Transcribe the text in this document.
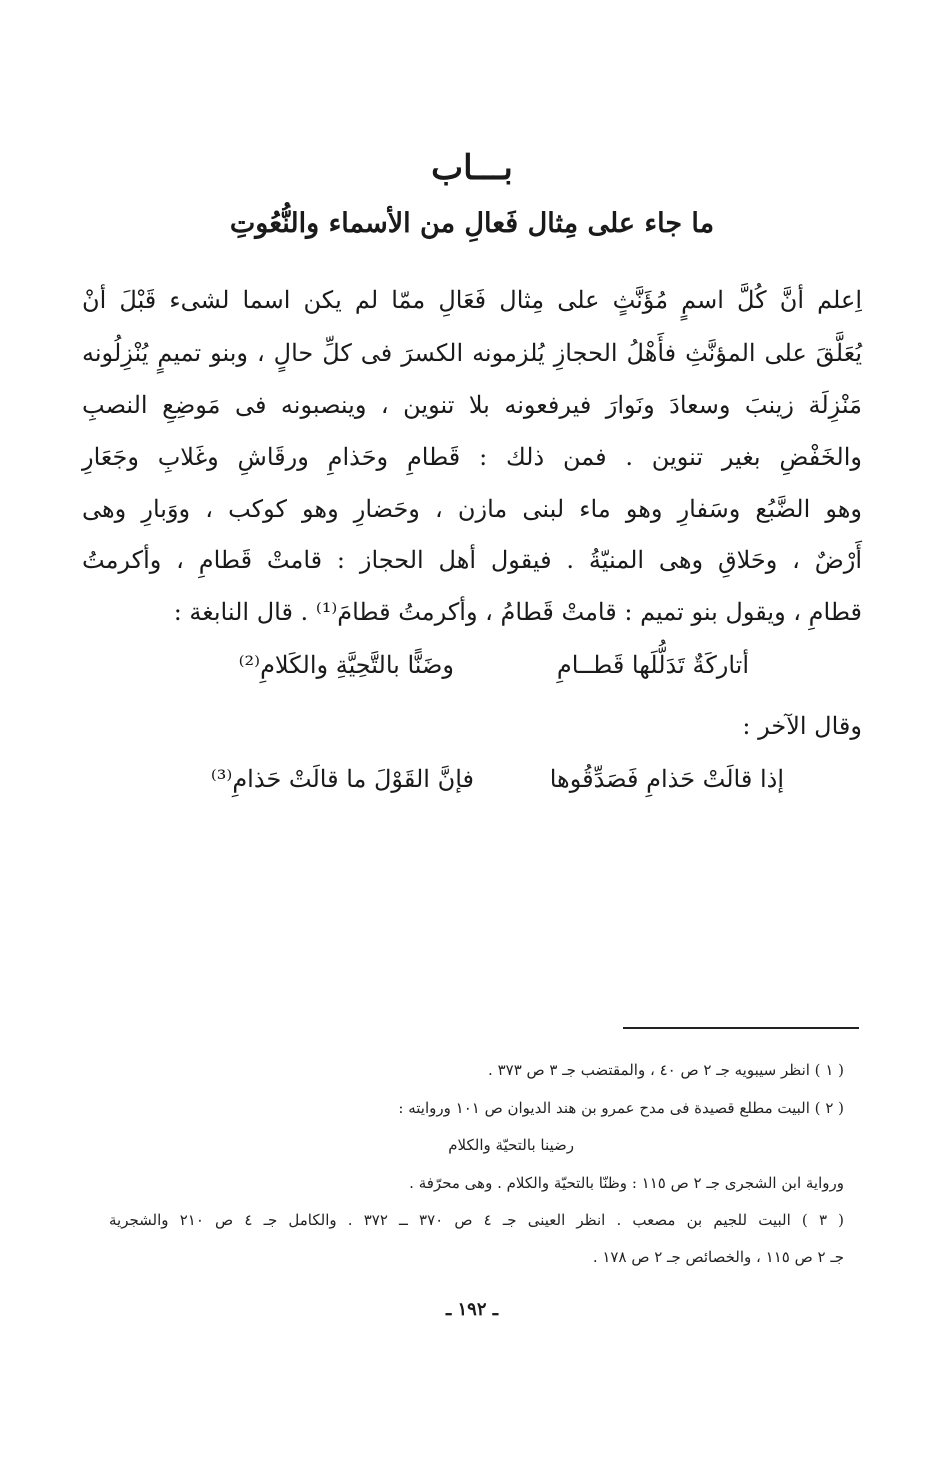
بـــاب
ما جاء على مِثال فَعالِ من الأسماء والنُّعُوتِ
اِعلم أنَّ كُلَّ اسمٍ مُؤَنَّثٍ على مِثال فَعَالِ ممّا لم يكن اسما لشىء قَبْلَ أنْ
يُعَلَّقَ على المؤنَّثِ فأَهْلُ الحجازِ يُلزمونه الكسرَ فى كلِّ حالٍ ، وبنو تميمٍ يُنْزِلُونه
مَنْزِلَة زينبَ وسعادَ ونَوارَ فيرفعونه بلا تنوين ، وينصبونه فى مَوضِعِ النصبِ
والخَفْضِ بغير تنوين . فمن ذلك : قَطامِ وحَذامِ ورقَاشِ وغَلابِ وجَعَارِ
وهو الضَّبُع وسَفارِ وهو ماء لبنى مازن ، وحَضارِ وهو كوكب ، ووَبارِ وهى
أَرْضٌ ، وحَلاقِ وهى المنيّةُ . فيقول أهل الحجاز : قامتْ قَطامِ ، وأكرمتُ
قطامِ ، ويقول بنو تميم : قامتْ قَطامُ ، وأكرمتُ قطامَ⁽¹⁾ . قال النابغة :
أتاركَةٌ تَدَلُّلَها قَطــامِ
وضَنًّا بالتَّحِيَّةِ والكَلامِ⁽²⁾
وقال الآخر :
إذا قالَتْ حَذامِ فَصَدِّقُوها
فإنَّ القَوْلَ ما قالَتْ حَذامِ⁽³⁾
( ١ ) انظر سيبويه جـ ٢ ص ٤٠ ، والمقتضب جـ ٣ ص ٣٧٣ .
( ٢ ) البيت مطلع قصيدة فى مدح عمرو بن هند الديوان ص ١٠١ وروايته :
رضينا بالتحيّة والكلام
ورواية ابن الشجرى جـ ٢ ص ١١٥ : وظنّا بالتحيّة والكلام . وهى محرّفة .
( ٣ ) البيت للجيم بن مصعب . انظر العينى جـ ٤ ص ٣٧٠ ــ ٣٧٢ . والكامل جـ ٤ ص ٢١٠ والشجرية
جـ ٢ ص ١١٥ ، والخصائص جـ ٢ ص ١٧٨ .
ـ ١٩٢ ـ
